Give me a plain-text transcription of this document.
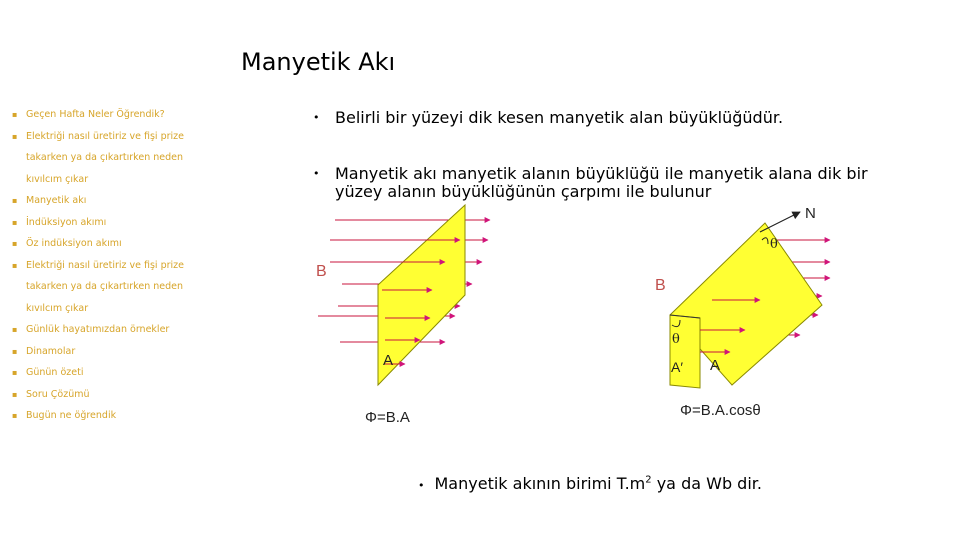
Manyetik Akı
▪ Geçen Hafta Neler Öğrendik?
▪ Elektriği nasıl üretiriz ve fişi prize
takarken ya da çıkartırken neden
kıvılcım çıkar
▪ Manyetik akı
▪ İndüksiyon akımı
▪ Öz indüksiyon akımı
▪ Elektriği nasıl üretiriz ve fişi prize
takarken ya da çıkartırken neden
kıvılcım çıkar
▪ Günlük hayatımızdan örnekler
▪ Dinamolar
▪ Günün özeti
▪ Soru Çözümü
▪ Bugün ne öğrendik
• Belirli bir yüzeyi dik kesen manyetik alan büyüklüğüdür.
• Manyetik akı manyetik alanın büyüklüğü ile manyetik alana dik bir
yüzey alanın büyüklüğünün çarpımı ile bulunur
B
A
Φ=B.A
N
θ
θ
B
A
A′
Φ=B.A.cosθ
• Manyetik akının birimi $T.m^2$ ya da Wb dir.
